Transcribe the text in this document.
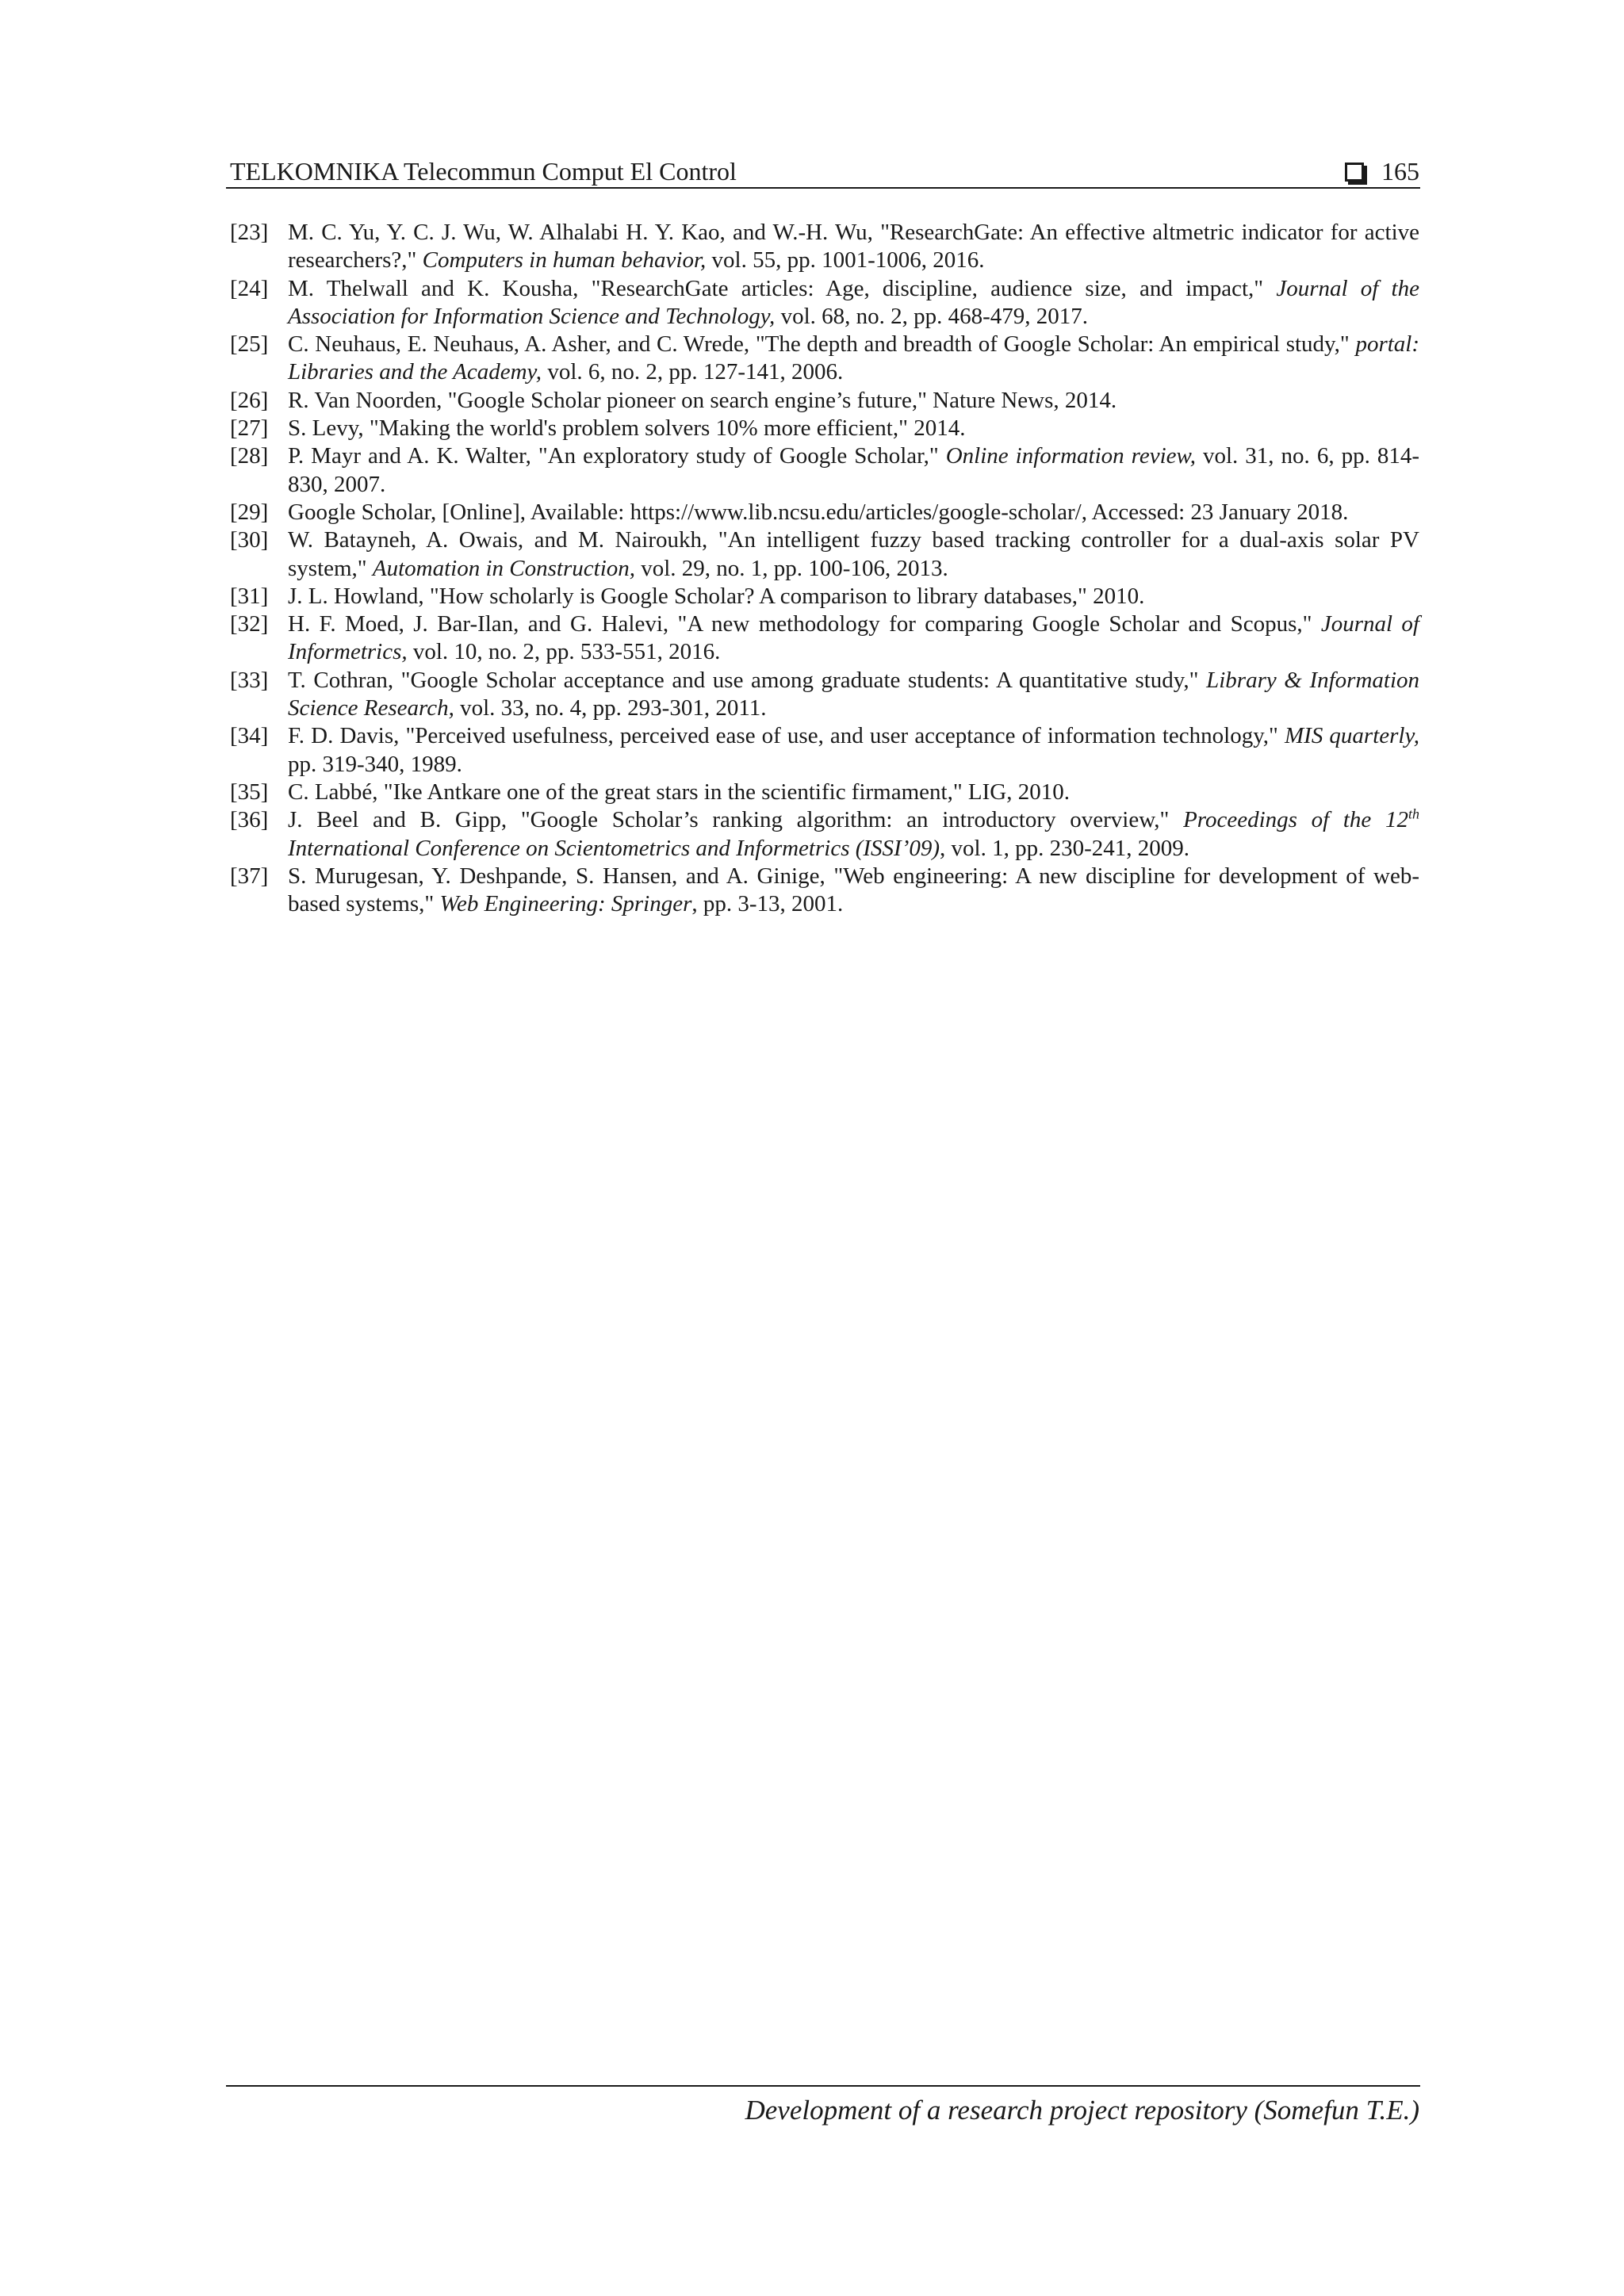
TELKOMNIKA Telecommun Comput El Control	165
[23] M. C. Yu, Y. C. J. Wu, W. Alhalabi H. Y. Kao, and W.-H. Wu, "ResearchGate: An effective altmetric indicator for active researchers?," Computers in human behavior, vol. 55, pp. 1001-1006, 2016.
[24] M. Thelwall and K. Kousha, "ResearchGate articles: Age, discipline, audience size, and impact," Journal of the Association for Information Science and Technology, vol. 68, no. 2, pp. 468-479, 2017.
[25] C. Neuhaus, E. Neuhaus, A. Asher, and C. Wrede, "The depth and breadth of Google Scholar: An empirical study," portal: Libraries and the Academy, vol. 6, no. 2, pp. 127-141, 2006.
[26] R. Van Noorden, "Google Scholar pioneer on search engine’s future," Nature News, 2014.
[27] S. Levy, "Making the world's problem solvers 10% more efficient," 2014.
[28] P. Mayr and A. K. Walter, "An exploratory study of Google Scholar," Online information review, vol. 31, no. 6, pp. 814-830, 2007.
[29] Google Scholar, [Online], Available: https://www.lib.ncsu.edu/articles/google-scholar/, Accessed: 23 January 2018.
[30] W. Batayneh, A. Owais, and M. Nairoukh, "An intelligent fuzzy based tracking controller for a dual-axis solar PV system," Automation in Construction, vol. 29, no. 1, pp. 100-106, 2013.
[31] J. L. Howland, "How scholarly is Google Scholar? A comparison to library databases," 2010.
[32] H. F. Moed, J. Bar-Ilan, and G. Halevi, "A new methodology for comparing Google Scholar and Scopus," Journal of Informetrics, vol. 10, no. 2, pp. 533-551, 2016.
[33] T. Cothran, "Google Scholar acceptance and use among graduate students: A quantitative study," Library & Information Science Research, vol. 33, no. 4, pp. 293-301, 2011.
[34] F. D. Davis, "Perceived usefulness, perceived ease of use, and user acceptance of information technology," MIS quarterly, pp. 319-340, 1989.
[35] C. Labbé, "Ike Antkare one of the great stars in the scientific firmament," LIG, 2010.
[36] J. Beel and B. Gipp, "Google Scholar’s ranking algorithm: an introductory overview," Proceedings of the 12th International Conference on Scientometrics and Informetrics (ISSI’09), vol. 1, pp. 230-241, 2009.
[37] S. Murugesan, Y. Deshpande, S. Hansen, and A. Ginige, "Web engineering: A new discipline for development of web-based systems," Web Engineering: Springer, pp. 3-13, 2001.
Development of a research project repository (Somefun T.E.)
